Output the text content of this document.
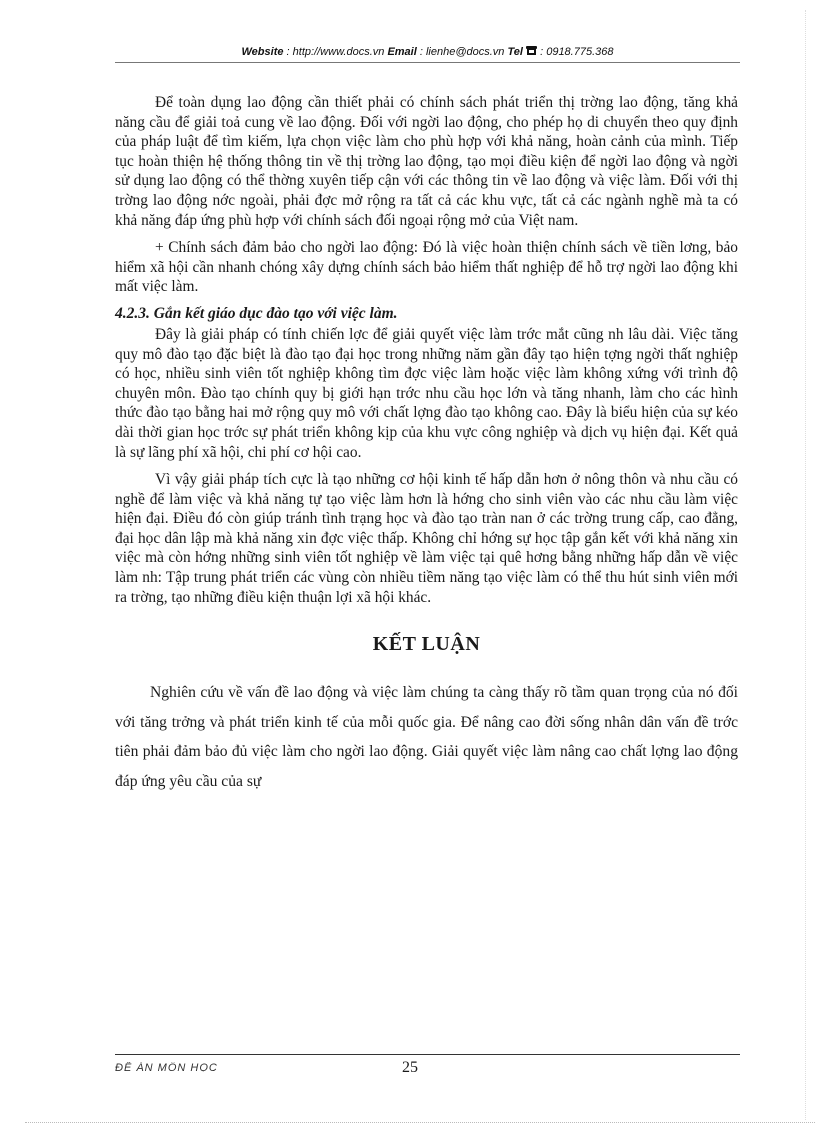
Website : http://www.docs.vn Email : lienhe@docs.vn Tel : 0918.775.368

Để toàn dụng lao động cần thiết phải có chính sách phát triển thị trờng lao động, tăng khả năng cầu để giải toả cung về lao động. Đối với ngời lao động, cho phép họ di chuyển theo quy định của pháp luật để tìm kiếm, lựa chọn việc làm cho phù hợp với khả năng, hoàn cảnh của mình. Tiếp tục hoàn thiện hệ thống thông tin về thị trờng lao động, tạo mọi điều kiện để ngời lao động và ngời sử dụng lao động có thể thờng xuyên tiếp cận với các thông tin về lao động và việc làm. Đối với thị trờng lao động nớc ngoài, phải đợc mở rộng ra tất cả các khu vực, tất cả các ngành nghề mà ta có khả năng đáp ứng phù hợp với chính sách đối ngoại rộng mở của Việt nam.

+ Chính sách đảm bảo cho ngời lao động: Đó là việc hoàn thiện chính sách về tiền lơng, bảo hiểm xã hội cần nhanh chóng xây dựng chính sách bảo hiểm thất nghiệp để hỗ trợ ngời lao động khi mất việc làm.

4.2.3. Gắn kết giáo dục đào tạo với việc làm.

Đây là giải pháp có tính chiến lợc để giải quyết việc làm trớc mắt cũng nh lâu dài. Việc tăng quy mô đào tạo đặc biệt là đào tạo đại học trong những năm gần đây tạo hiện tợng ngời thất nghiệp có học, nhiều sinh viên tốt nghiệp không tìm đợc việc làm hoặc việc làm không xứng với trình độ chuyên môn. Đào tạo chính quy bị giới hạn trớc nhu cầu học lớn và tăng nhanh, làm cho các hình thức đào tạo bằng hai mở rộng quy mô với chất lợng đào tạo không cao. Đây là biểu hiện của sự kéo dài thời gian học trớc sự phát triển không kịp của khu vực công nghiệp và dịch vụ hiện đại. Kết quả là sự lãng phí xã hội, chi phí cơ hội cao.

Vì vậy giải pháp tích cực là tạo những cơ hội kinh tế hấp dẫn hơn ở nông thôn và nhu cầu có nghề để làm việc và khả năng tự tạo việc làm hơn là hớng cho sinh viên vào các nhu cầu làm việc hiện đại. Điều đó còn giúp tránh tình trạng học và đào tạo tràn nan ở các trờng trung cấp, cao đẳng, đại học dân lập mà khả năng xin đợc việc thấp. Không chỉ hớng sự học tập gắn kết với khả năng xin việc mà còn hớng những sinh viên tốt nghiệp về làm việc tại quê hơng bằng những hấp dẫn về việc làm nh: Tập trung phát triển các vùng còn nhiều tiềm năng tạo việc làm có thể thu hút sinh viên mới ra trờng, tạo những điều kiện thuận lợi xã hội khác.

KẾT LUẬN

Nghiên cứu về vấn đề lao động và việc làm chúng ta càng thấy rõ tầm quan trọng của nó đối với tăng trởng và phát triển kinh tế của mỗi quốc gia. Để nâng cao đời sống nhân dân vấn đề trớc tiên phải đảm bảo đủ việc làm cho ngời lao động. Giải quyết việc làm nâng cao chất lợng lao động đáp ứng yêu cầu của sự

ĐỀ ÁN MÔN HỌC	25
